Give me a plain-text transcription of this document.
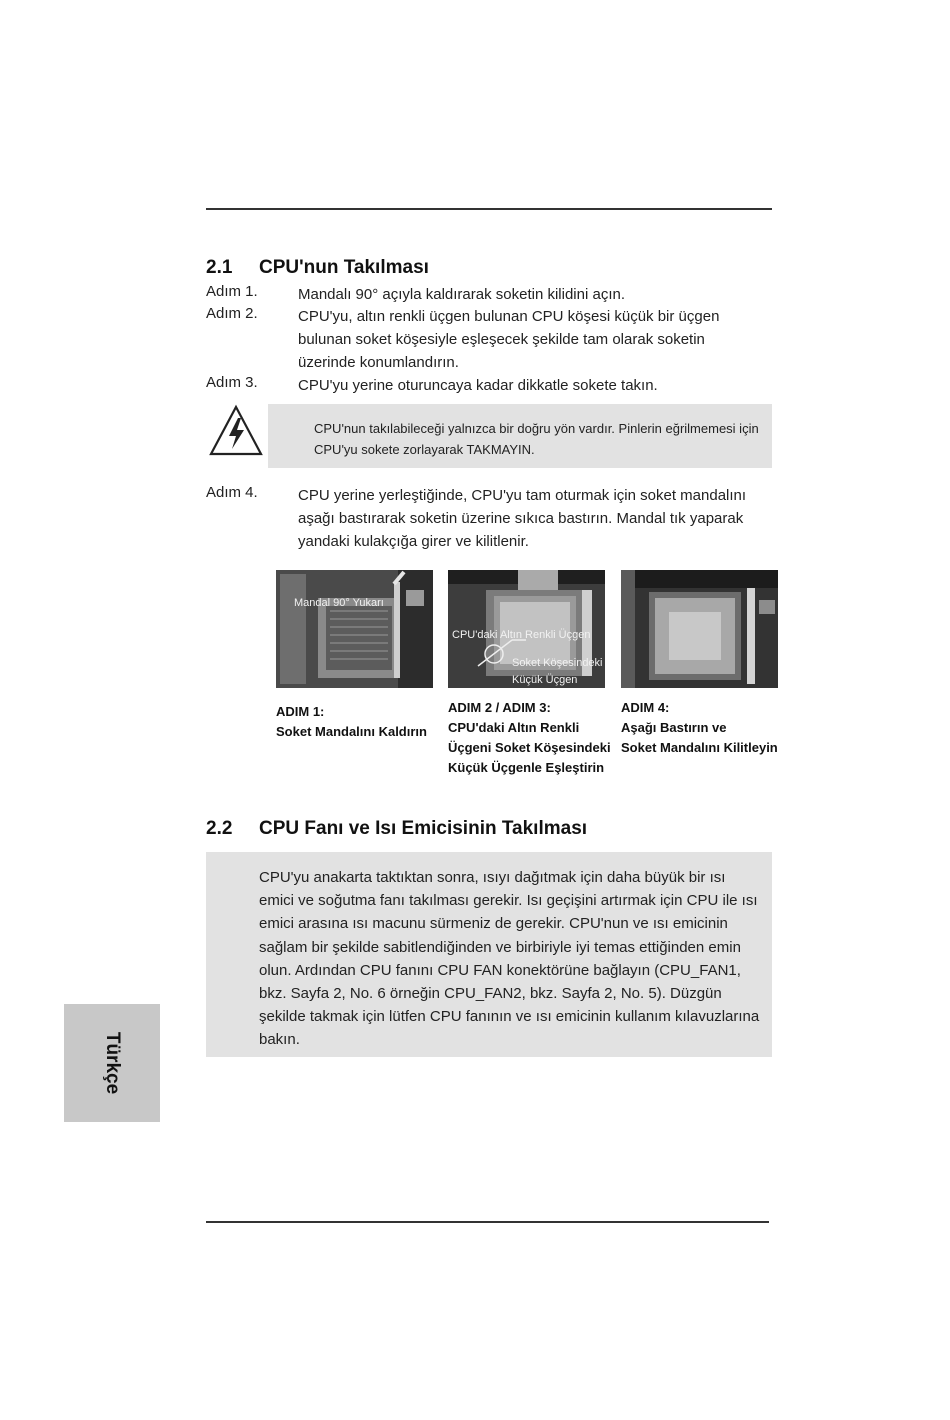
2.1 CPU'nun Takılması
Adım 1.	Mandalı 90° açıyla kaldırarak soketin kilidini açın.
Adım 2.	CPU'yu, altın renkli üçgen bulunan CPU köşesi küçük bir üçgen bulunan soket köşesiyle eşleşecek şekilde tam olarak soketin üzerinde konumlandırın.
Adım 3.	CPU'yu yerine oturuncaya kadar dikkatle sokete takın.
CPU'nun takılabileceği yalnızca bir doğru yön vardır. Pinlerin eğrilmemesi için CPU'yu sokete zorlayarak TAKMAYIN.
Adım 4.	CPU yerine yerleştiğinde, CPU'yu tam oturmak için soket mandalını aşağı bastırarak soketin üzerine sıkıca bastırın. Mandal tık yaparak yandaki kulakçığa girer ve kilitlenir.
Mandal 90° Yukarı
CPU'daki Altın Renkli Üçgen
Soket Köşesindeki
Küçük Üçgen
ADIM 1:
Soket Mandalını Kaldırın
ADIM 2 / ADIM 3:
CPU'daki Altın Renkli
Üçgeni Soket Köşesindeki
Küçük Üçgenle Eşleştirin
ADIM 4:
Aşağı Bastırın ve
Soket Mandalını Kilitleyin
2.2 CPU Fanı ve Isı Emicisinin Takılması
CPU'yu anakarta taktıktan sonra, ısıyı dağıtmak için daha büyük bir ısı emici ve soğutma fanı takılması gerekir. Isı geçişini artırmak için CPU ile ısı emici arasına ısı macunu sürmeniz de gerekir. CPU'nun ve ısı emicinin sağlam bir şekilde sabitlendiğinden ve birbiriyle iyi temas ettiğinden emin olun. Ardından CPU fanını CPU FAN konektörüne bağlayın (CPU_FAN1, bkz. Sayfa 2, No. 6 örneğin CPU_FAN2, bkz. Sayfa 2, No. 5). Düzgün şekilde takmak için lütfen CPU fanının ve ısı emicinin kullanım kılavuzlarına bakın.
Türkçe
